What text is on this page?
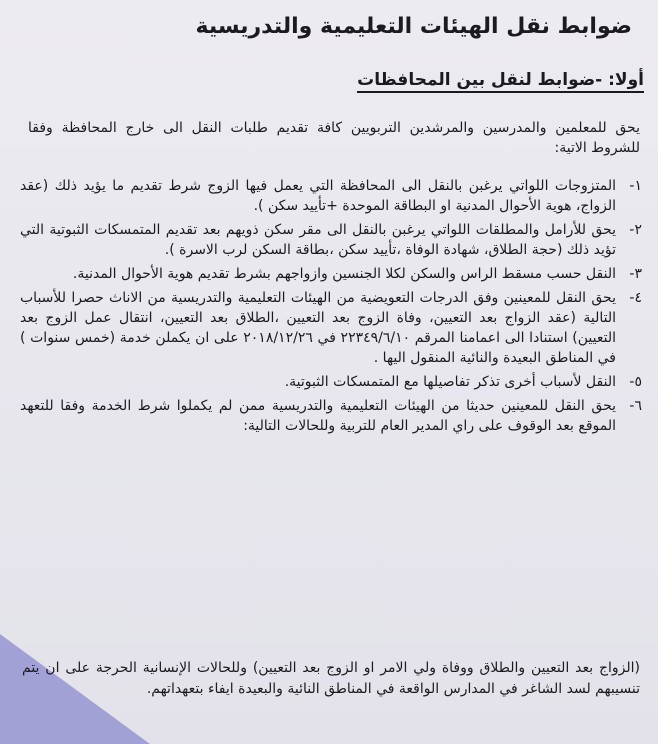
ضوابط نقل الهيئات التعليمية والتدريسية
أولا: -ضوابط لنقل بين المحافظات
يحق للمعلمين والمدرسين والمرشدين التربويين كافة تقديم طلبات النقل الى خارج المحافظة وفقا للشروط الاتية:
١-
المتزوجات اللواتي يرغبن بالنقل الى المحافظة التي يعمل فيها الزوج شرط تقديم ما يؤيد ذلك (عقد الزواج، هوية الأحوال المدنية او البطاقة الموحدة +تأييد سكن ).
٢-
يحق للأرامل والمطلقات اللواتي يرغبن بالنقل الى مقر سكن ذويهم بعد تقديم المتمسكات الثبوتية التي تؤيد ذلك (حجة الطلاق، شهادة الوفاة ،تأييد سكن ،بطاقة السكن لرب الاسرة ).
٣-
النقل حسب مسقط الراس والسكن لكلا الجنسين وازواجهم بشرط تقديم هوية الأحوال المدنية.
٤-
يحق النقل للمعينين وفق الدرجات التعويضية من الهيئات التعليمية والتدريسية من الاناث حصرا للأسباب التالية (عقد الزواج بعد التعيين، وفاة الزوج بعد التعيين ،الطلاق بعد التعيين، انتقال عمل الزوج بعد التعيين) استنادا الى اعمامنا المرقم ٢٢٣٤٩/٦/١٠ في ٢٠١٨/١٢/٢٦ على ان يكملن خدمة (خمس سنوات ) في المناطق البعيدة والنائية المنقول اليها .
٥-
النقل لأسباب أخرى تذكر تفاصيلها مع المتمسكات الثبوتية.
٦-
يحق النقل للمعينين حديثا من الهيئات التعليمية والتدريسية ممن لم يكملوا شرط الخدمة وفقا للتعهد الموقع بعد الوقوف على راي المدير العام للتربية وللحالات التالية:
(الزواج بعد التعيين والطلاق ووفاة ولي الامر او الزوج بعد التعيين) وللحالات الإنسانية الحرجة على ان يتم تنسيبهم لسد الشاغر في المدارس الواقعة في المناطق النائية والبعيدة ايفاء بتعهداتهم.
